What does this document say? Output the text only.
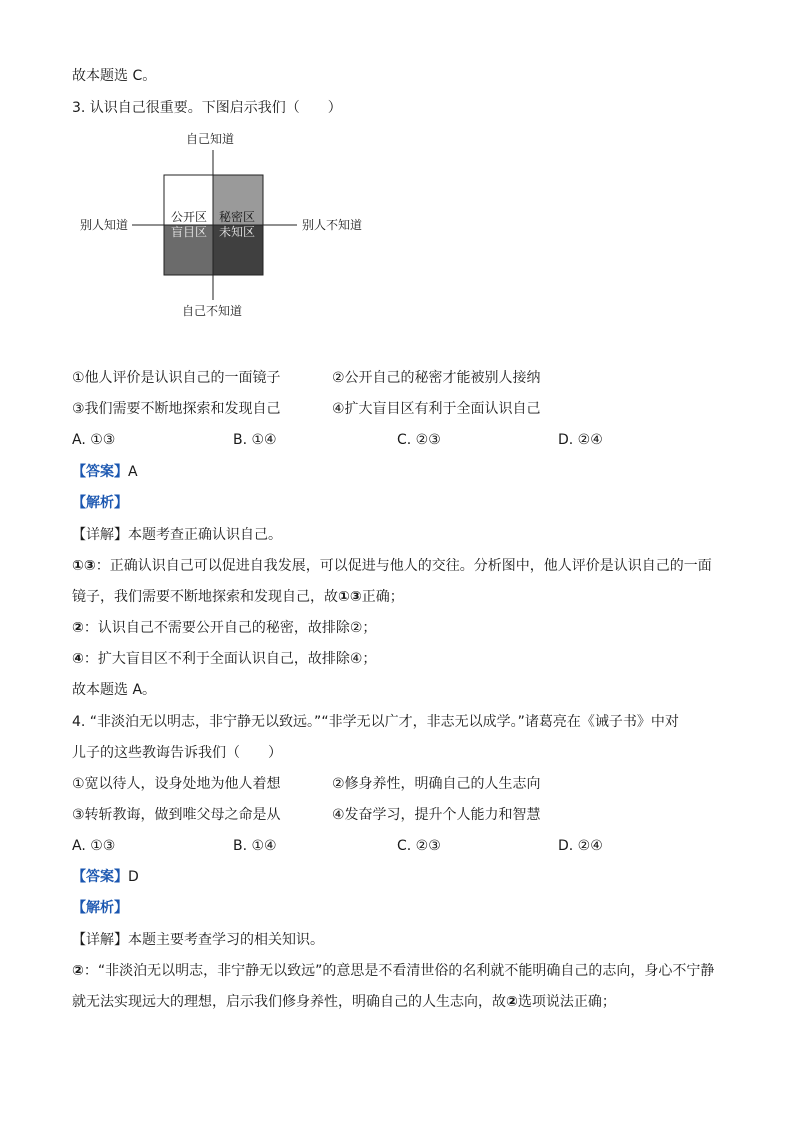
故本题选 C。
3. 认识自己很重要。下图启示我们（　　）
自己知道
自己不知道
别人知道	别人不知道
公开区 秘密区
盲目区 未知区
①他人评价是认识自己的一面镜子	②公开自己的秘密才能被别人接纳
③我们需要不断地探索和发现自己	④扩大盲目区有利于全面认识自己
A. ①③	B. ①④	C. ②③	D. ②④
【答案】A
【解析】
【详解】本题考查正确认识自己。
①③：正确认识自己可以促进自我发展，可以促进与他人的交往。分析图中，他人评价是认识自己的一面
镜子，我们需要不断地探索和发现自己，故①③正确；
②：认识自己不需要公开自己的秘密，故排除②；
④：扩大盲目区不利于全面认识自己，故排除④；
故本题选 A。
4. “非淡泊无以明志，非宁静无以致远。”“非学无以广才，非志无以成学。”诸葛亮在《诫子书》中对
儿子的这些教诲告诉我们（　　）
①宽以待人，设身处地为他人着想	②修身养性，明确自己的人生志向
③转斩教诲，做到唯父母之命是从	④发奋学习，提升个人能力和智慧
A. ①③	B. ①④	C. ②③	D. ②④
【答案】D
【解析】
【详解】本题主要考查学习的相关知识。
②：“非淡泊无以明志，非宁静无以致远”的意思是不看清世俗的名利就不能明确自己的志向，身心不宁静
就无法实现远大的理想，启示我们修身养性，明确自己的人生志向，故②选项说法正确；
